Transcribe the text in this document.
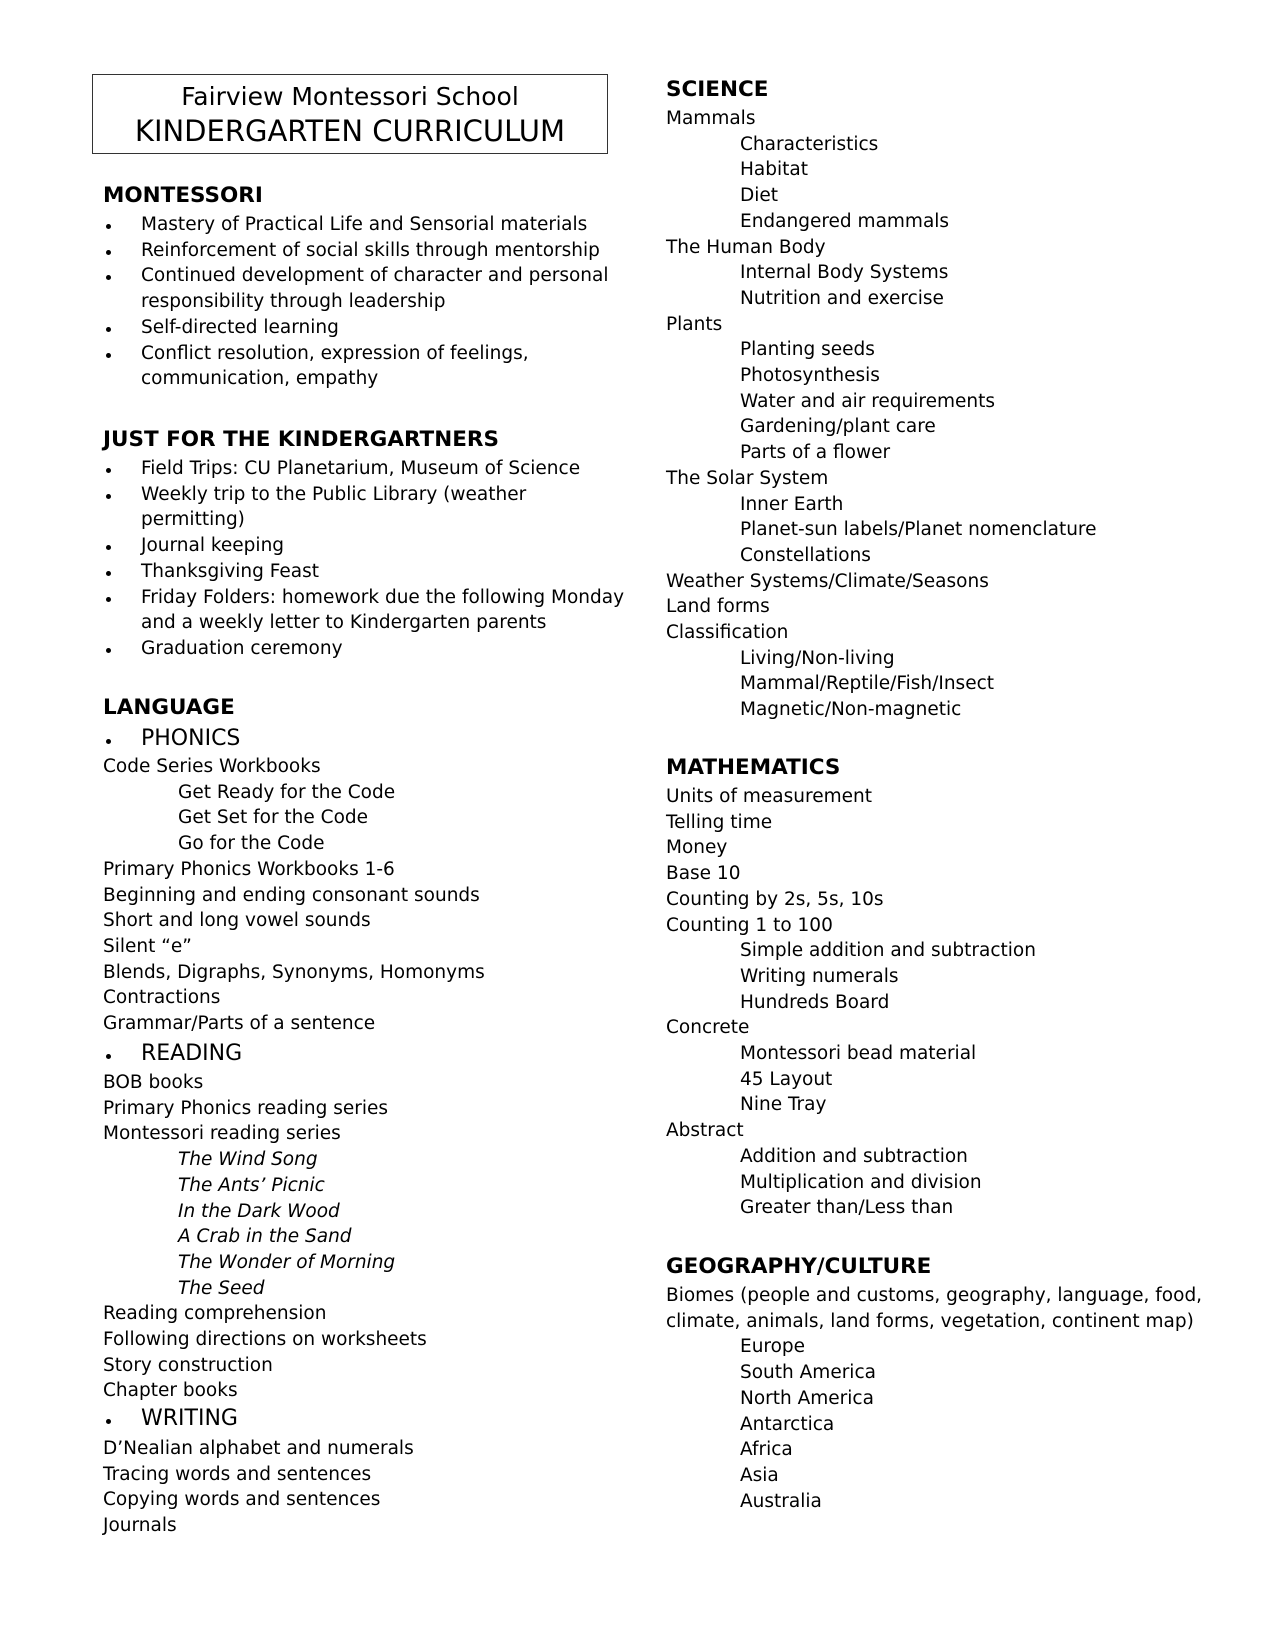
Fairview Montessori School
KINDERGARTEN CURRICULUM
MONTESSORI
Mastery of Practical Life and Sensorial materials
Reinforcement of social skills through mentorship
Continued development of character and personal
responsibility through leadership
Self-directed learning
Conflict resolution, expression of feelings,
communication, empathy
JUST FOR THE KINDERGARTNERS
Field Trips: CU Planetarium, Museum of Science
Weekly trip to the Public Library (weather
permitting)
Journal keeping
Thanksgiving Feast
Friday Folders: homework due the following Monday
and a weekly letter to Kindergarten parents
Graduation ceremony
LANGUAGE
PHONICS
Code Series Workbooks
Get Ready for the Code
Get Set for the Code
Go for the Code
Primary Phonics Workbooks 1-6
Beginning and ending consonant sounds
Short and long vowel sounds
Silent “e”
Blends, Digraphs, Synonyms, Homonyms
Contractions
Grammar/Parts of a sentence
READING
BOB books
Primary Phonics reading series
Montessori reading series
The Wind Song
The Ants’ Picnic
In the Dark Wood
A Crab in the Sand
The Wonder of Morning
The Seed
Reading comprehension
Following directions on worksheets
Story construction
Chapter books
WRITING
D’Nealian alphabet and numerals
Tracing words and sentences
Copying words and sentences
Journals
SCIENCE
Mammals
Characteristics
Habitat
Diet
Endangered mammals
The Human Body
Internal Body Systems
Nutrition and exercise
Plants
Planting seeds
Photosynthesis
Water and air requirements
Gardening/plant care
Parts of a flower
The Solar System
Inner Earth
Planet-sun labels/Planet nomenclature
Constellations
Weather Systems/Climate/Seasons
Land forms
Classification
Living/Non-living
Mammal/Reptile/Fish/Insect
Magnetic/Non-magnetic
MATHEMATICS
Units of measurement
Telling time
Money
Base 10
Counting by 2s, 5s, 10s
Counting 1 to 100
Simple addition and subtraction
Writing numerals
Hundreds Board
Concrete
Montessori bead material
45 Layout
Nine Tray
Abstract
Addition and subtraction
Multiplication and division
Greater than/Less than
GEOGRAPHY/CULTURE
Biomes (people and customs, geography, language, food,
climate, animals, land forms, vegetation, continent map)
Europe
South America
North America
Antarctica
Africa
Asia
Australia
